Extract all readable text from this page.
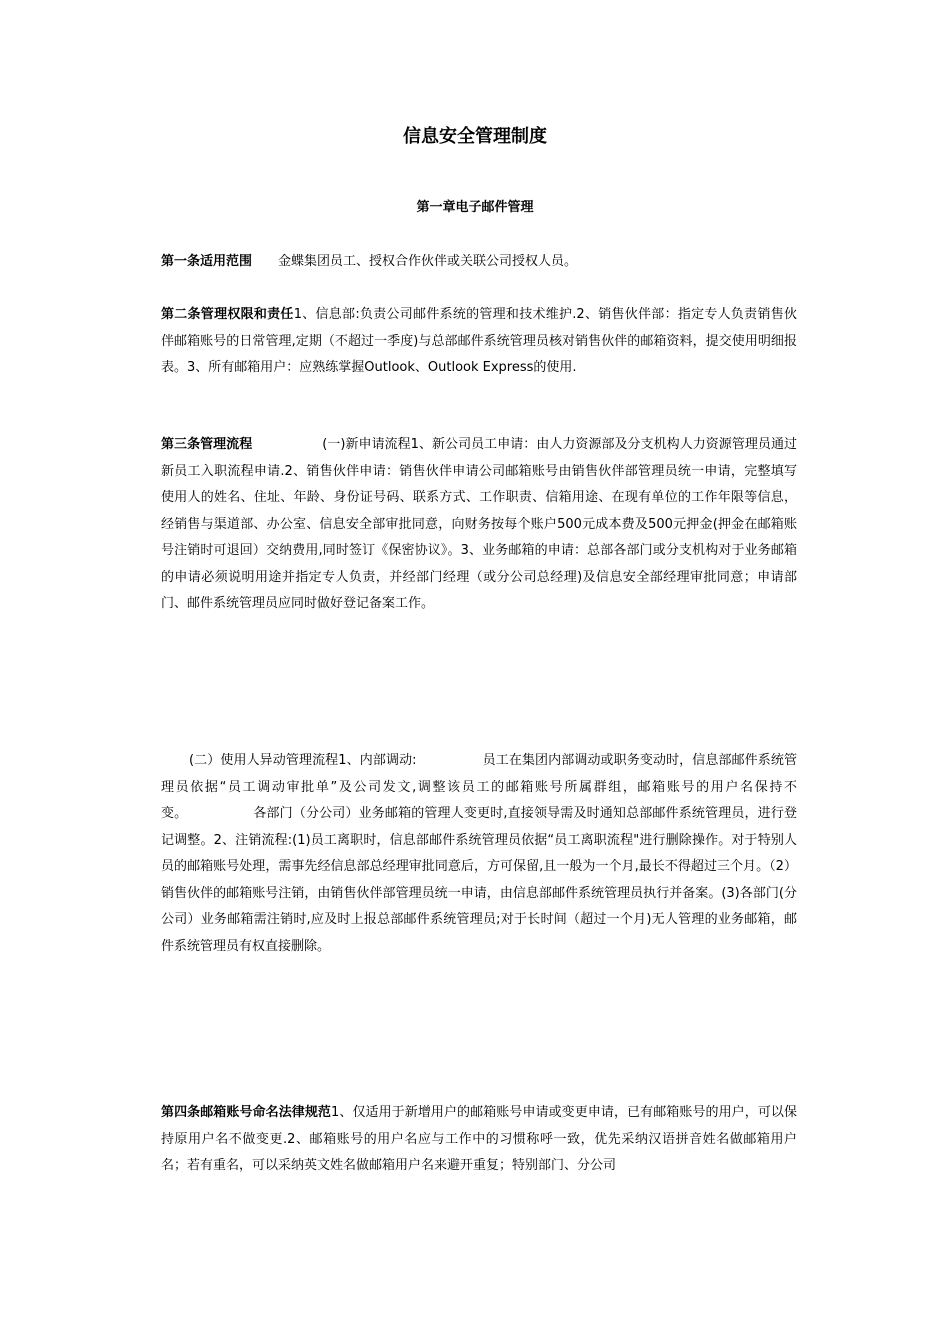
信息安全管理制度
第一章电子邮件管理
第一条适用范围 金蝶集团员工、授权合作伙伴或关联公司授权人员。
第二条管理权限和责任1、信息部:负责公司邮件系统的管理和技术维护.2、销售伙伴部：指定专人负责销售伙伴邮箱账号的日常管理,定期（不超过一季度)与总部邮件系统管理员核对销售伙伴的邮箱资料，提交使用明细报表。3、所有邮箱用户：应熟练掌握Outlook、Outlook Express的使用.
第三条管理流程	(一)新申请流程1、新公司员工申请：由人力资源部及分支机构人力资源管理员通过新员工入职流程申请.2、销售伙伴申请：销售伙伴申请公司邮箱账号由销售伙伴部管理员统一申请，完整填写使用人的姓名、住址、年龄、身份证号码、联系方式、工作职责、信箱用途、在现有单位的工作年限等信息，经销售与渠道部、办公室、信息安全部审批同意，向财务按每个账户500元成本费及500元押金(押金在邮箱账号注销时可退回）交纳费用,同时签订《保密协议》。3、业务邮箱的申请：总部各部门或分支机构对于业务邮箱的申请必须说明用途并指定专人负责，并经部门经理（或分公司总经理)及信息安全部经理审批同意；申请部门、邮件系统管理员应同时做好登记备案工作。
(二）使用人异动管理流程1、内部调动:	员工在集团内部调动或职务变动时，信息部邮件系统管理员依据“员工调动审批单”及公司发文,调整该员工的邮箱账号所属群组，邮箱账号的用户名保持不变。	各部门（分公司）业务邮箱的管理人变更时,直接领导需及时通知总部邮件系统管理员，进行登记调整。2、注销流程:(1)员工离职时，信息部邮件系统管理员依据“员工离职流程"进行删除操作。对于特别人员的邮箱账号处理，需事先经信息部总经理审批同意后，方可保留,且一般为一个月,最长不得超过三个月。（2）销售伙伴的邮箱账号注销，由销售伙伴部管理员统一申请，由信息部邮件系统管理员执行并备案。(3)各部门(分公司）业务邮箱需注销时,应及时上报总部邮件系统管理员;对于长时间（超过一个月)无人管理的业务邮箱，邮件系统管理员有权直接删除。
第四条邮箱账号命名法律规范1、仅适用于新增用户的邮箱账号申请或变更申请，已有邮箱账号的用户，可以保持原用户名不做变更.2、邮箱账号的用户名应与工作中的习惯称呼一致，优先采纳汉语拼音姓名做邮箱用户名；若有重名，可以采纳英文姓名做邮箱用户名来避开重复；特别部门、分公司
